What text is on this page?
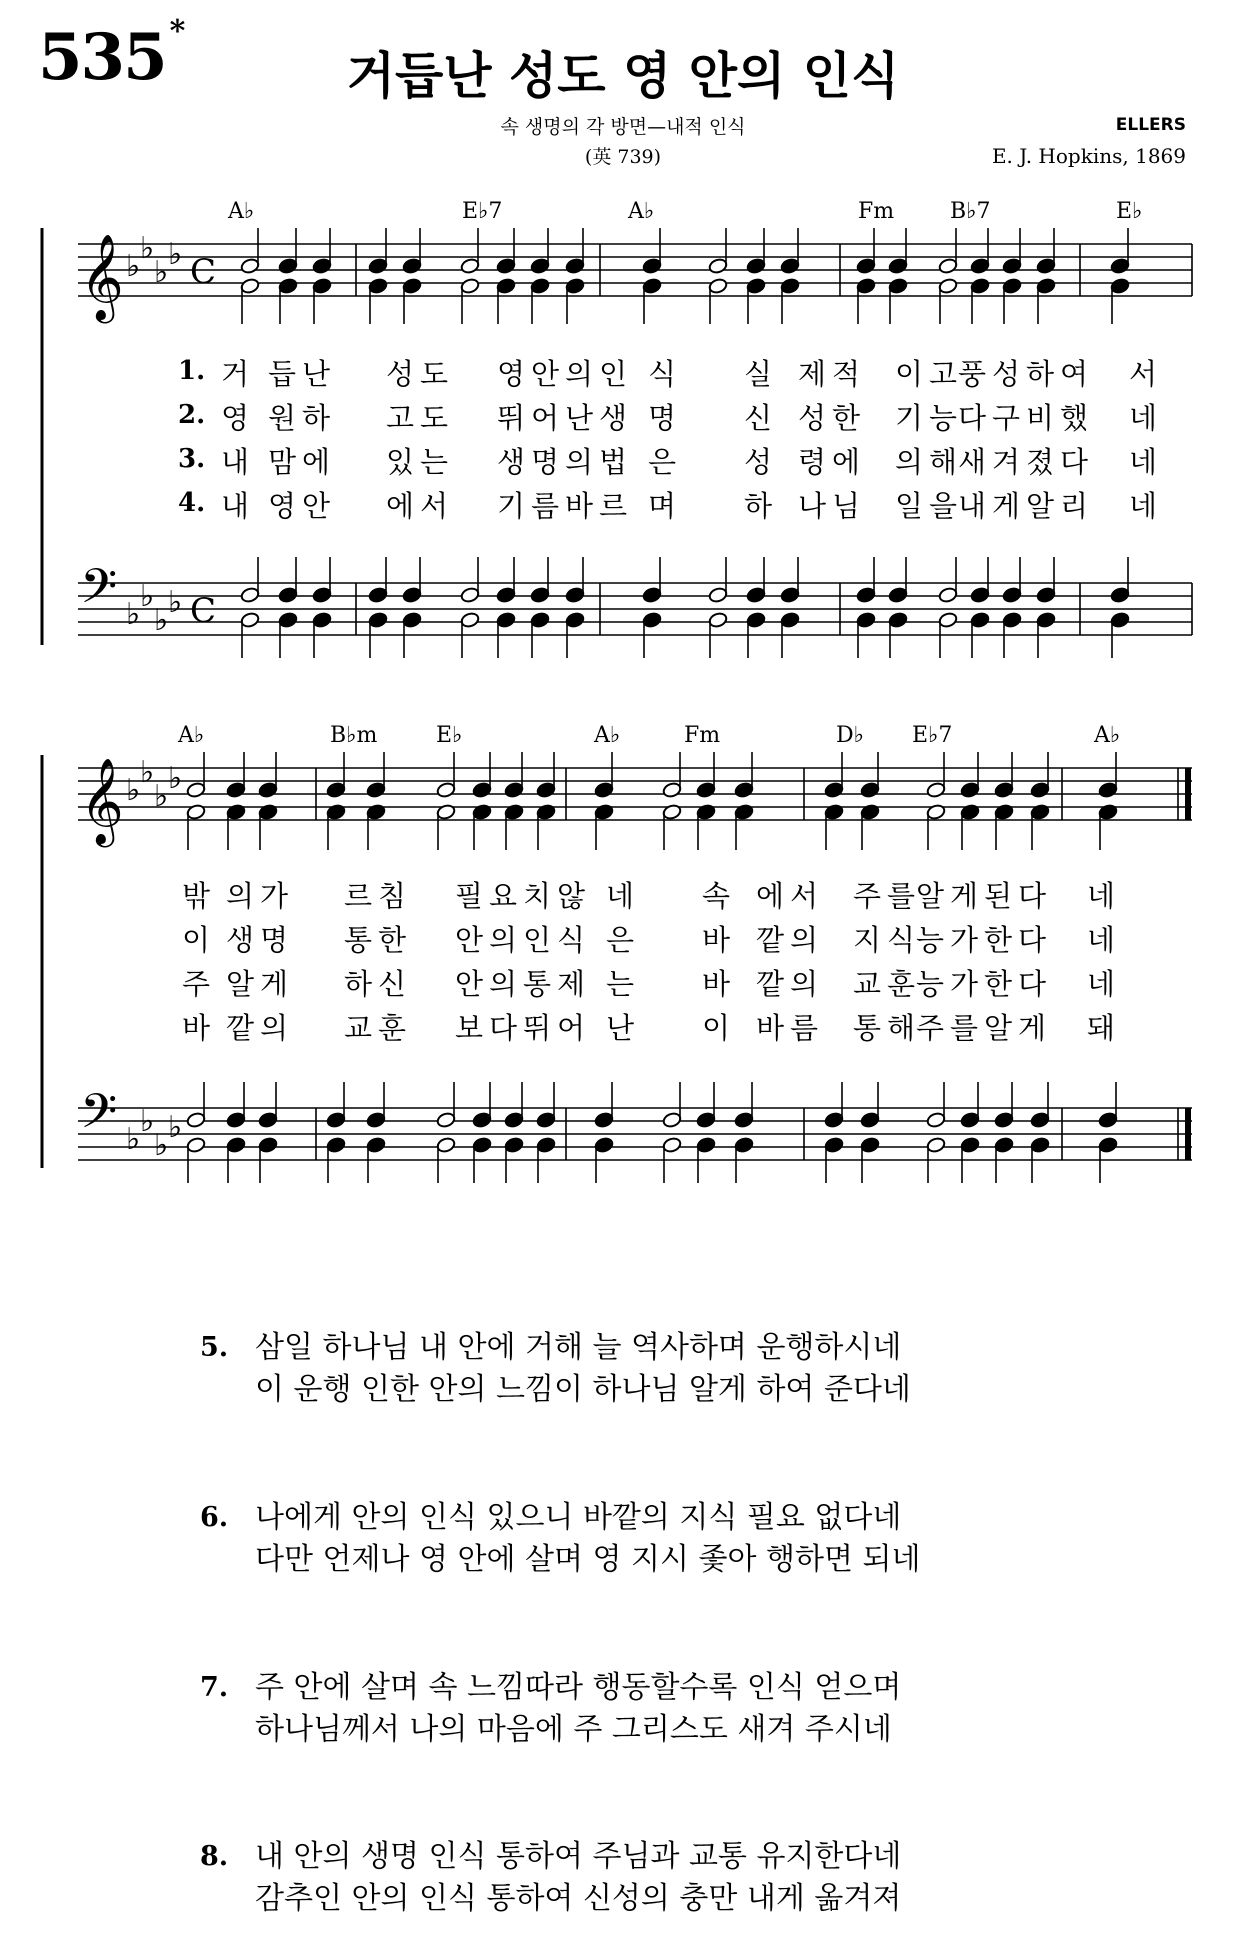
535 *
거듭난 성도 영 안의 인식
속 생명의 각 방면—내적 인식
(英 739)
ELLERS
E. J. Hopkins, 1869
𝄞
𝄢
𝄞
𝄢
♭
♭
♭
♭
♭
♭
♭
♭
♭
♭
♭
♭
♭
♭
♭
♭
C
C
A♭	E♭7	A♭	Fm	B♭7	E♭
A♭	B♭m	E♭	A♭	Fm	D♭ E♭7	A♭
1. 거 듭난 성도 영안의인 식 실 제적 이고
풍성하여 서
2. 영 원하 고도 뛰어난생 명 신 성한 기능
다구비했 네
3. 내 맘에 있는 생명의법 은 성 령에 의해
새겨졌다 네
4. 내 영안 에서 기름바르 며 하 나님 일을
내게알리 네
밖 의가 르침 필요치않 네 속 에서 주를
알게된다 네
이 생명 통한 안의인식 은 바 깥의 지식
능가한다 네
주 알게 하신 안의통제 는 바 깥의 교훈
능가한다 네
바 깥의 교훈 보다뛰어 난 이 바름 통해
주를알게 돼
5. 삼일 하나님 내 안에 거해 늘 역사하며 운행하시네
이 운행 인한 안의 느낌이 하나님 알게 하여 준다네
6. 나에게 안의 인식 있으니 바깥의 지식 필요 없다네
다만 언제나 영 안에 살며 영 지시 좇아 행하면 되네
7. 주 안에 살며 속 느낌따라 행동할수록 인식 얻으며
하나님께서 나의 마음에 주 그리스도 새겨 주시네
8. 내 안의 생명 인식 통하여 주님과 교통 유지한다네
감추인 안의 인식 통하여 신성의 충만 내게 옮겨져
